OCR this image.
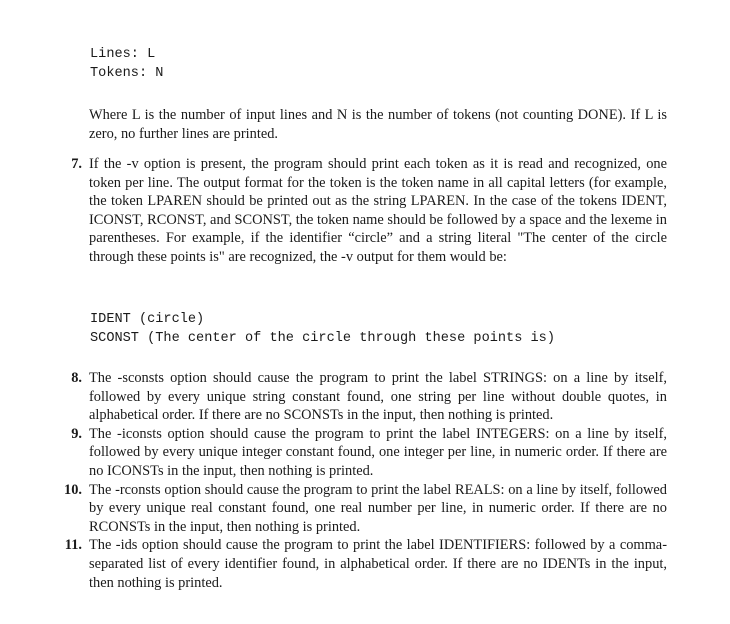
Lines: L
Tokens: N
Where L is the number of input lines and N is the number of tokens (not counting DONE). If L is zero, no further lines are printed.
7. If the -v option is present, the program should print each token as it is read and recognized, one token per line. The output format for the token is the token name in all capital letters (for example, the token LPAREN should be printed out as the string LPAREN. In the case of the tokens IDENT, ICONST, RCONST, and SCONST, the token name should be followed by a space and the lexeme in parentheses. For example, if the identifier “circle” and a string literal "The center of the circle through these points is" are recognized, the -v output for them would be:
IDENT (circle)
SCONST (The center of the circle through these points is)
8. The -sconsts option should cause the program to print the label STRINGS: on a line by itself, followed by every unique string constant found, one string per line without double quotes, in alphabetical order. If there are no SCONSTs in the input, then nothing is printed.
9. The -iconsts option should cause the program to print the label INTEGERS: on a line by itself, followed by every unique integer constant found, one integer per line, in numeric order. If there are no ICONSTs in the input, then nothing is printed.
10. The -rconsts option should cause the program to print the label REALS: on a line by itself, followed by every unique real constant found, one real number per line, in numeric order. If there are no RCONSTs in the input, then nothing is printed.
11. The -ids option should cause the program to print the label IDENTIFIERS: followed by a comma-separated list of every identifier found, in alphabetical order. If there are no IDENTs in the input, then nothing is printed.
